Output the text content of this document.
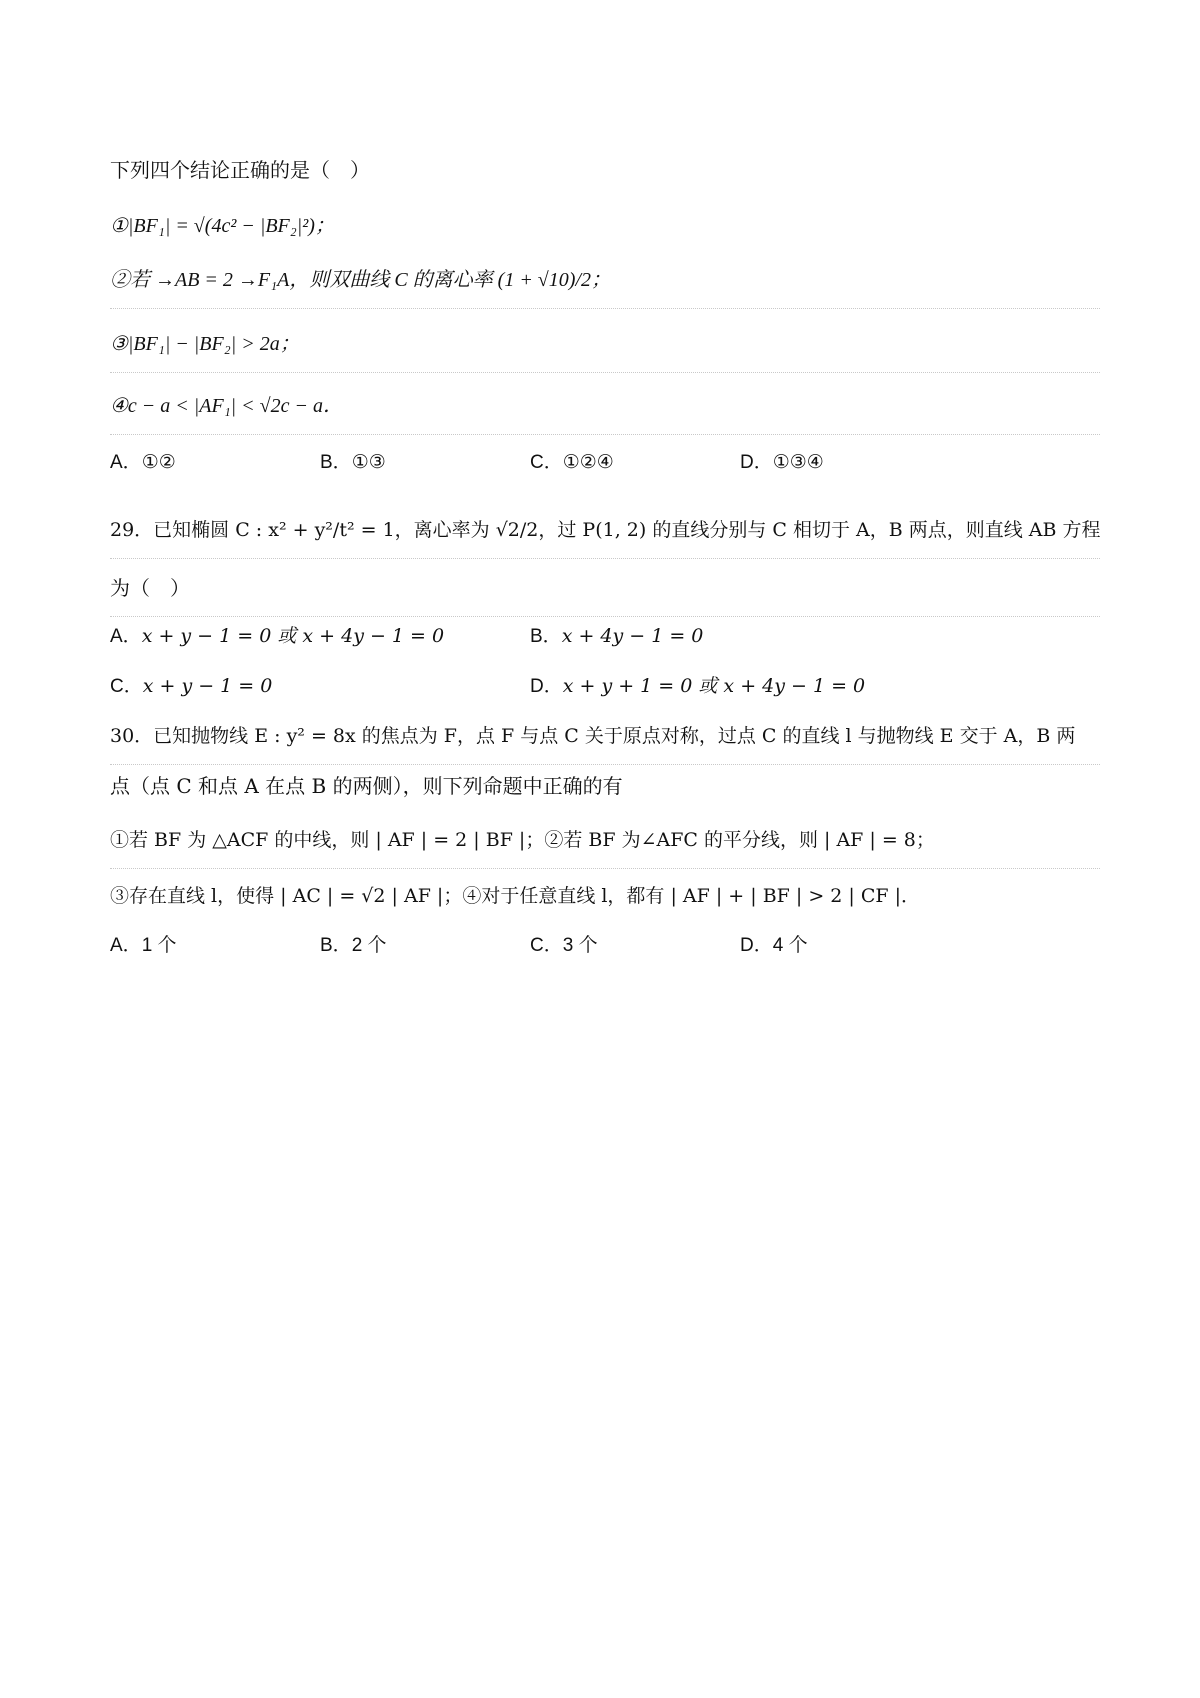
下列四个结论正确的是（　）
①|BF₁| = √(4c² − |BF₂|²)；
②若 →AB = 2 →F₁A，则双曲线 C 的离心率 (1 + √10)/2；
③|BF₁| − |BF₂| > 2a；
④c − a < |AF₁| < √2c − a．
A．①②	B．①③	C．①②④	D．①③④
29．已知椭圆 C : x² + y²/t² = 1，离心率为 √2/2，过 P(1, 2) 的直线分别与 C 相切于 A，B 两点，则直线 AB 方程
为（　）
A．x + y − 1 = 0 或 x + 4y − 1 = 0	B．x + 4y − 1 = 0
C．x + y − 1 = 0	D．x + y + 1 = 0 或 x + 4y − 1 = 0
30．已知抛物线 E : y² = 8x 的焦点为 F，点 F 与点 C 关于原点对称，过点 C 的直线 l 与抛物线 E 交于 A，B 两
点（点 C 和点 A 在点 B 的两侧），则下列命题中正确的有
①若 BF 为 △ACF 的中线，则 | AF | = 2 | BF |；②若 BF 为∠AFC 的平分线，则 | AF | = 8；
③存在直线 l，使得 | AC | = √2 | AF |；④对于任意直线 l，都有 | AF | + | BF | > 2 | CF |．
A．1 个	B．2 个	C．3 个	D．4 个
